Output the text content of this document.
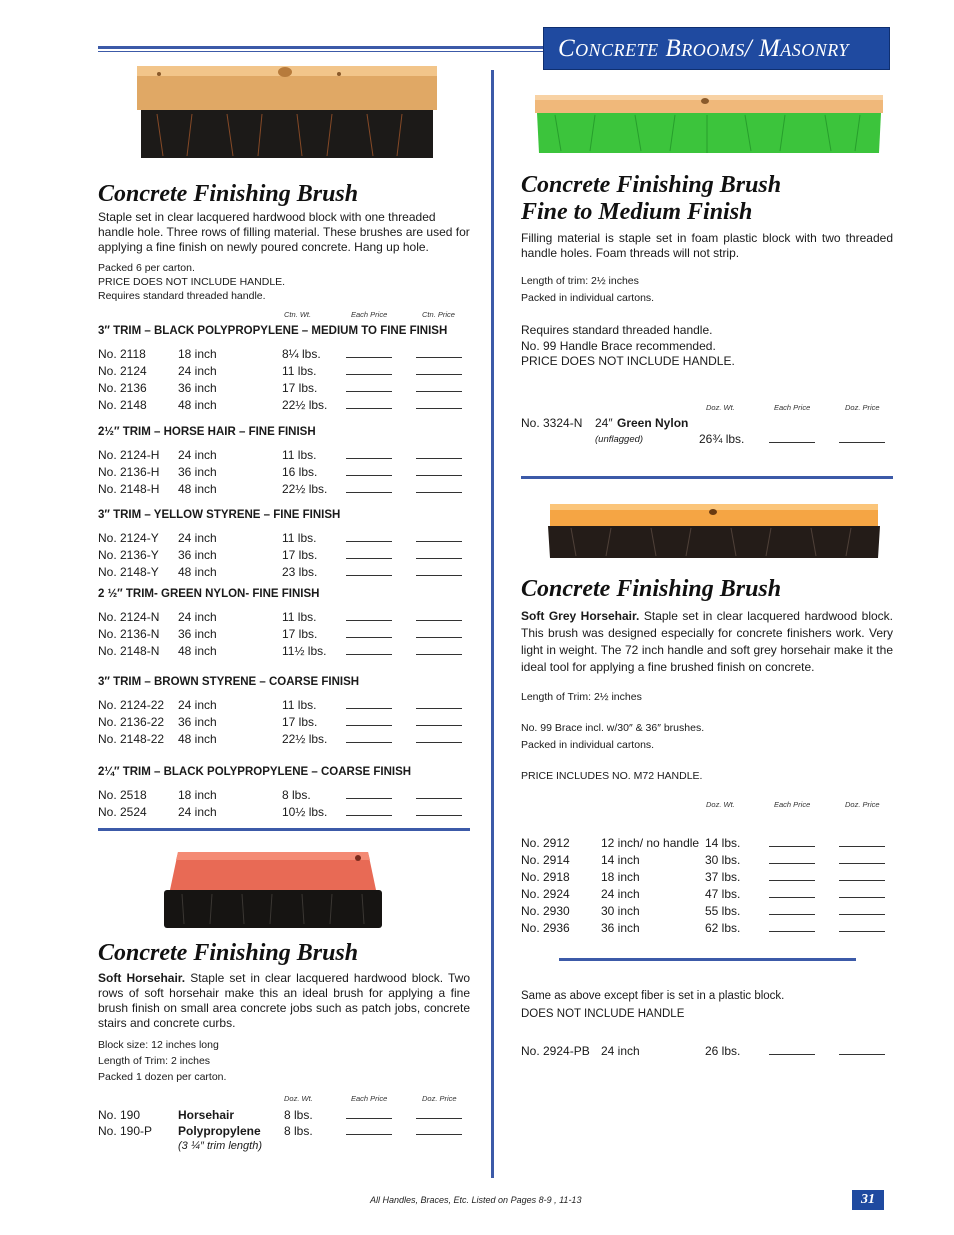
Concrete Brooms/ Masonry
Concrete Finishing Brush
Staple set in clear lacquered hardwood block with one threaded handle hole. Three rows of filling material. These brushes are used for applying a fine finish on newly poured concrete. Hang up hole.
Packed 6 per carton.
PRICE DOES NOT INCLUDE HANDLE.
Requires standard threaded handle.
Ctn. Wt.	Each Price	Ctn. Price
3″ TRIM – BLACK POLYPROPYLENE – MEDIUM TO FINE FINISH
No. 2118	18 inch	8¼ lbs.
No. 2124	24 inch	11 lbs.
No. 2136	36 inch	17 lbs.
No. 2148	48 inch	22½ lbs.
2½″ TRIM – HORSE HAIR – FINE FINISH
No. 2124-H 24 inch	11 lbs.
No. 2136-H 36 inch	16 lbs.
No. 2148-H 48 inch	22½ lbs.
3″ TRIM – YELLOW STYRENE – FINE FINISH
No. 2124-Y 24 inch	11 lbs.
No. 2136-Y 36 inch	17 lbs.
No. 2148-Y 48 inch	23 lbs.
2 ½″ TRIM- GREEN NYLON- FINE FINISH
No. 2124-N 24 inch	11 lbs.
No. 2136-N 36 inch	17 lbs.
No. 2148-N 48 inch	11½ lbs.
3″ TRIM – BROWN STYRENE – COARSE FINISH
No. 2124-22 24 inch	11 lbs.
No. 2136-22 36 inch	17 lbs.
No. 2148-22 48 inch	22½ lbs.
2¼″ TRIM – BLACK POLYPROPYLENE – COARSE FINISH
No. 2518	18 inch	8 lbs.
No. 2524	24 inch	10½ lbs.
Concrete Finishing Brush
Soft Horsehair. Staple set in clear lacquered hardwood block. Two rows of soft horsehair make this an ideal brush for applying a fine brush finish on small area concrete jobs such as patch jobs, concrete stairs and concrete curbs.
Block size: 12 inches long
Length of Trim: 2 inches
Packed 1 dozen per carton.
Doz. Wt.	Each Price	Doz. Price
No. 190	Horsehair	8 lbs.
No. 190-P Polypropylene 8 lbs.
(3 ¼″ trim length)
Concrete Finishing Brush
Fine to Medium Finish
Filling material is staple set in foam plastic block with two threaded handle holes. Foam threads will not strip.
Length of trim: 2½ inches
Packed in individual cartons.
Requires standard threaded handle.
No. 99 Handle Brace recommended.
PRICE DOES NOT INCLUDE HANDLE.
Doz. Wt.	Each Price	Doz. Price
No. 3324-N 24″ Green Nylon
(unflagged)	26¾ lbs.
Concrete Finishing Brush
Soft Grey Horsehair. Staple set in clear lacquered hardwood block. This brush was designed especially for concrete finishers work. Very light in weight. The 72 inch handle and soft grey horsehair make it the ideal tool for applying a fine brushed finish on concrete.
Length of Trim: 2½ inches
No. 99 Brace incl. w/30″ & 36″ brushes.
Packed in individual cartons.
PRICE INCLUDES NO. M72 HANDLE.
Doz. Wt.	Each Price	Doz. Price
No. 2912	12 inch/ no handle 14 lbs.
No. 2914	14 inch	30 lbs.
No. 2918	18 inch	37 lbs.
No. 2924	24 inch	47 lbs.
No. 2930	30 inch	55 lbs.
No. 2936	36 inch	62 lbs.
Same as above except fiber is set in a plastic block.
DOES NOT INCLUDE HANDLE
No. 2924-PB 24 inch	26 lbs.
All Handles, Braces, Etc. Listed on Pages 8-9 , 11-13	31
